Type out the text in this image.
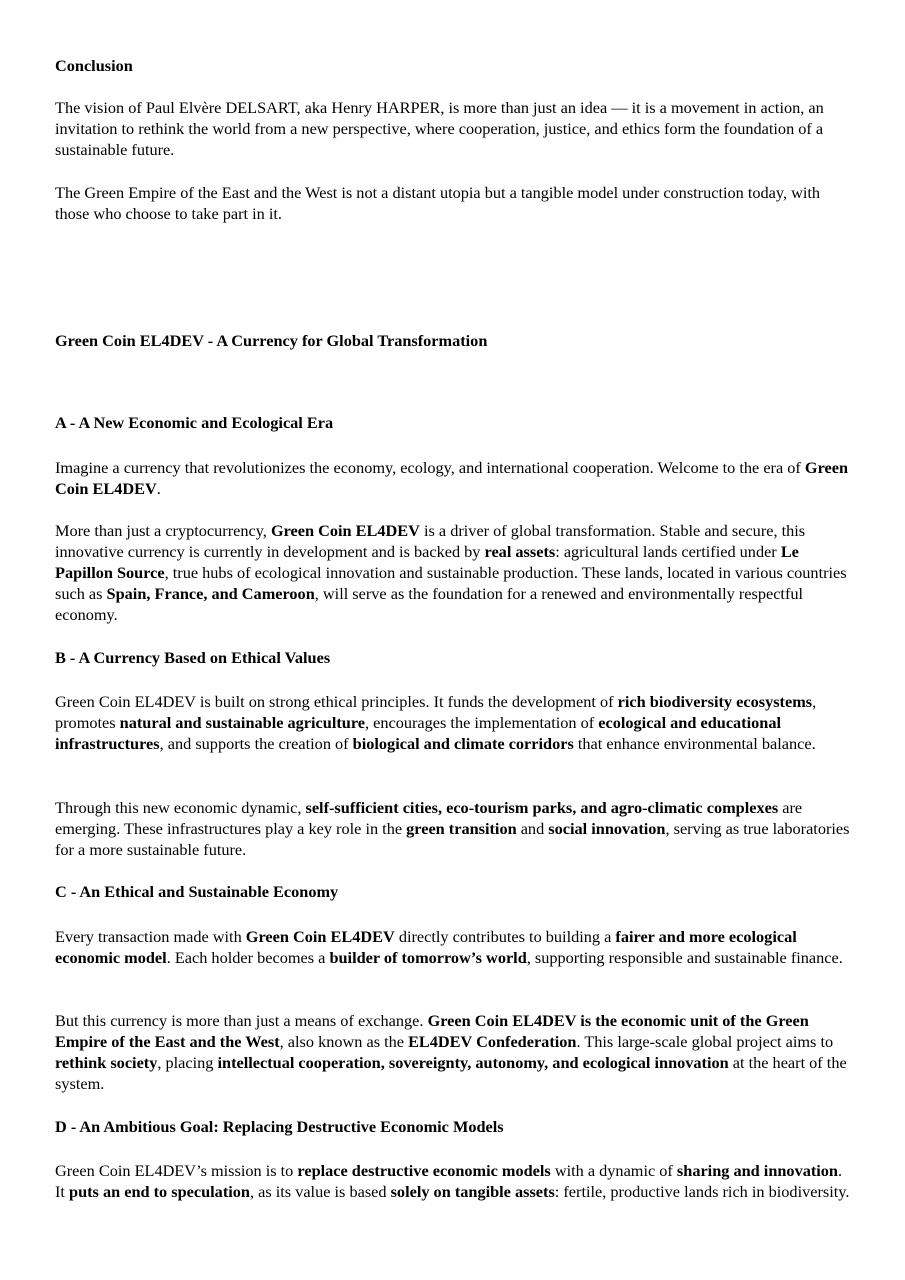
Conclusion

The vision of Paul Elvère DELSART, aka Henry HARPER, is more than just an idea — it is a movement in action, an invitation to rethink the world from a new perspective, where cooperation, justice, and ethics form the foundation of a sustainable future.

The Green Empire of the East and the West is not a distant utopia but a tangible model under construction today, with those who choose to take part in it.

Green Coin EL4DEV - A Currency for Global Transformation

A - A New Economic and Ecological Era

Imagine a currency that revolutionizes the economy, ecology, and international cooperation. Welcome to the era of Green Coin EL4DEV.

More than just a cryptocurrency, Green Coin EL4DEV is a driver of global transformation. Stable and secure, this innovative currency is currently in development and is backed by real assets: agricultural lands certified under Le Papillon Source, true hubs of ecological innovation and sustainable production. These lands, located in various countries such as Spain, France, and Cameroon, will serve as the foundation for a renewed and environmentally respectful economy.

B - A Currency Based on Ethical Values

Green Coin EL4DEV is built on strong ethical principles. It funds the development of rich biodiversity ecosystems, promotes natural and sustainable agriculture, encourages the implementation of ecological and educational infrastructures, and supports the creation of biological and climate corridors that enhance environmental balance.

Through this new economic dynamic, self-sufficient cities, eco-tourism parks, and agro-climatic complexes are emerging. These infrastructures play a key role in the green transition and social innovation, serving as true laboratories for a more sustainable future.

C - An Ethical and Sustainable Economy

Every transaction made with Green Coin EL4DEV directly contributes to building a fairer and more ecological economic model. Each holder becomes a builder of tomorrow’s world, supporting responsible and sustainable finance.

But this currency is more than just a means of exchange. Green Coin EL4DEV is the economic unit of the Green Empire of the East and the West, also known as the EL4DEV Confederation. This large-scale global project aims to rethink society, placing intellectual cooperation, sovereignty, autonomy, and ecological innovation at the heart of the system.

D - An Ambitious Goal: Replacing Destructive Economic Models

Green Coin EL4DEV’s mission is to replace destructive economic models with a dynamic of sharing and innovation. It puts an end to speculation, as its value is based solely on tangible assets: fertile, productive lands rich in biodiversity.
